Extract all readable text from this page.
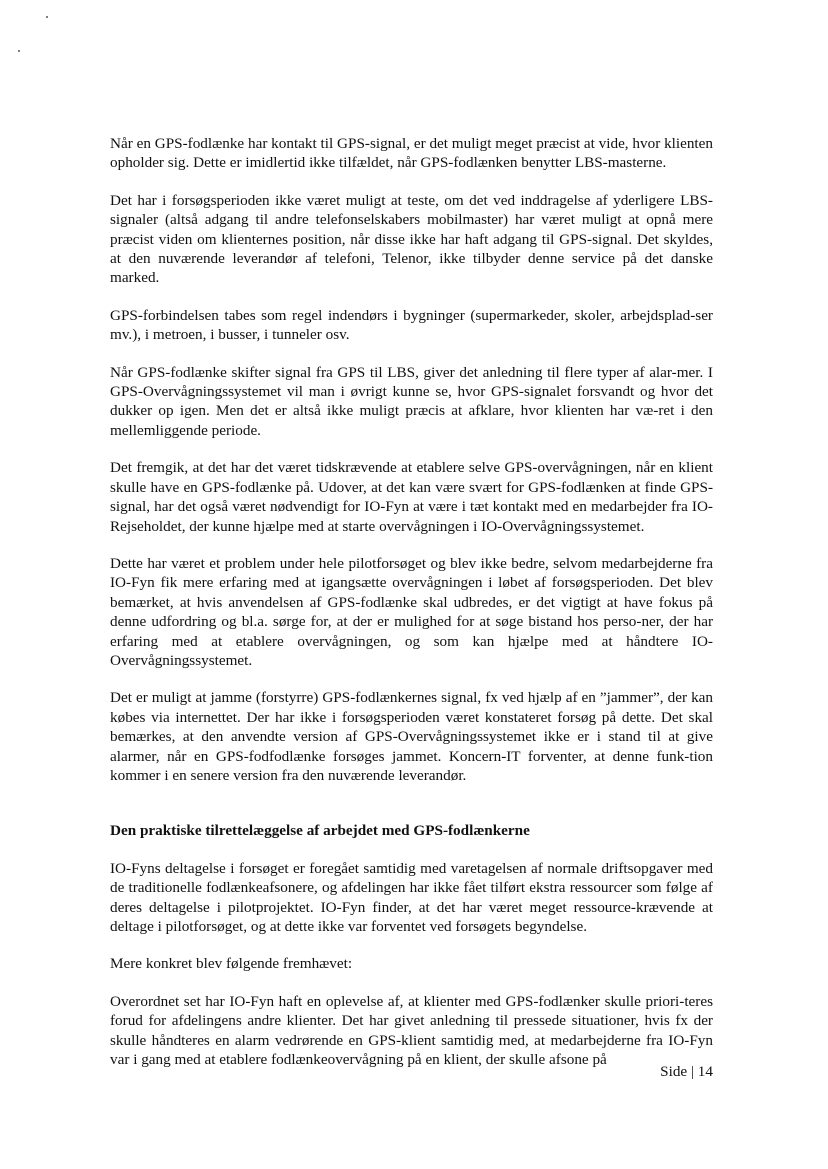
Når en GPS-fodlænke har kontakt til GPS-signal, er det muligt meget præcist at vide, hvor klienten opholder sig. Dette er imidlertid ikke tilfældet, når GPS-fodlænken benytter LBS-masterne.

Det har i forsøgsperioden ikke været muligt at teste, om det ved inddragelse af yderligere LBS-signaler (altså adgang til andre telefonselskabers mobilmaster) har været muligt at opnå mere præcist viden om klienternes position, når disse ikke har haft adgang til GPS-signal. Det skyldes, at den nuværende leverandør af telefoni, Telenor, ikke tilbyder denne service på det danske marked.

GPS-forbindelsen tabes som regel indendørs i bygninger (supermarkeder, skoler, arbejdsplad-ser mv.), i metroen, i busser, i tunneler osv.

Når GPS-fodlænke skifter signal fra GPS til LBS, giver det anledning til flere typer af alar-mer. I GPS-Overvågningssystemet vil man i øvrigt kunne se, hvor GPS-signalet forsvandt og hvor det dukker op igen. Men det er altså ikke muligt præcis at afklare, hvor klienten har væ-ret i den mellemliggende periode.

Det fremgik, at det har det været tidskrævende at etablere selve GPS-overvågningen, når en klient skulle have en GPS-fodlænke på. Udover, at det kan være svært for GPS-fodlænken at finde GPS-signal, har det også været nødvendigt for IO-Fyn at være i tæt kontakt med en medarbejder fra IO-Rejseholdet, der kunne hjælpe med at starte overvågningen i IO-Overvågningssystemet.

Dette har været et problem under hele pilotforsøget og blev ikke bedre, selvom medarbejderne fra IO-Fyn fik mere erfaring med at igangsætte overvågningen i løbet af forsøgsperioden. Det blev bemærket, at hvis anvendelsen af GPS-fodlænke skal udbredes, er det vigtigt at have fokus på denne udfordring og bl.a. sørge for, at der er mulighed for at søge bistand hos perso-ner, der har erfaring med at etablere overvågningen, og som kan hjælpe med at håndtere IO-Overvågningssystemet.

Det er muligt at jamme (forstyrre) GPS-fodlænkernes signal, fx ved hjælp af en ”jammer”, der kan købes via internettet. Der har ikke i forsøgsperioden været konstateret forsøg på dette. Det skal bemærkes, at den anvendte version af GPS-Overvågningssystemet ikke er i stand til at give alarmer, når en GPS-fodfodlænke forsøges jammet. Koncern-IT forventer, at denne funk-tion kommer i en senere version fra den nuværende leverandør.

Den praktiske tilrettelæggelse af arbejdet med GPS-fodlænkerne

IO-Fyns deltagelse i forsøget er foregået samtidig med varetagelsen af normale driftsopgaver med de traditionelle fodlænkeafsonere, og afdelingen har ikke fået tilført ekstra ressourcer som følge af deres deltagelse i pilotprojektet. IO-Fyn finder, at det har været meget ressource-krævende at deltage i pilotforsøget, og at dette ikke var forventet ved forsøgets begyndelse.

Mere konkret blev følgende fremhævet:

Overordnet set har IO-Fyn haft en oplevelse af, at klienter med GPS-fodlænker skulle priori-teres forud for afdelingens andre klienter. Det har givet anledning til pressede situationer, hvis fx der skulle håndteres en alarm vedrørende en GPS-klient samtidig med, at medarbejderne fra IO-Fyn var i gang med at etablere fodlænkeovervågning på en klient, der skulle afsone på

Side | 14
